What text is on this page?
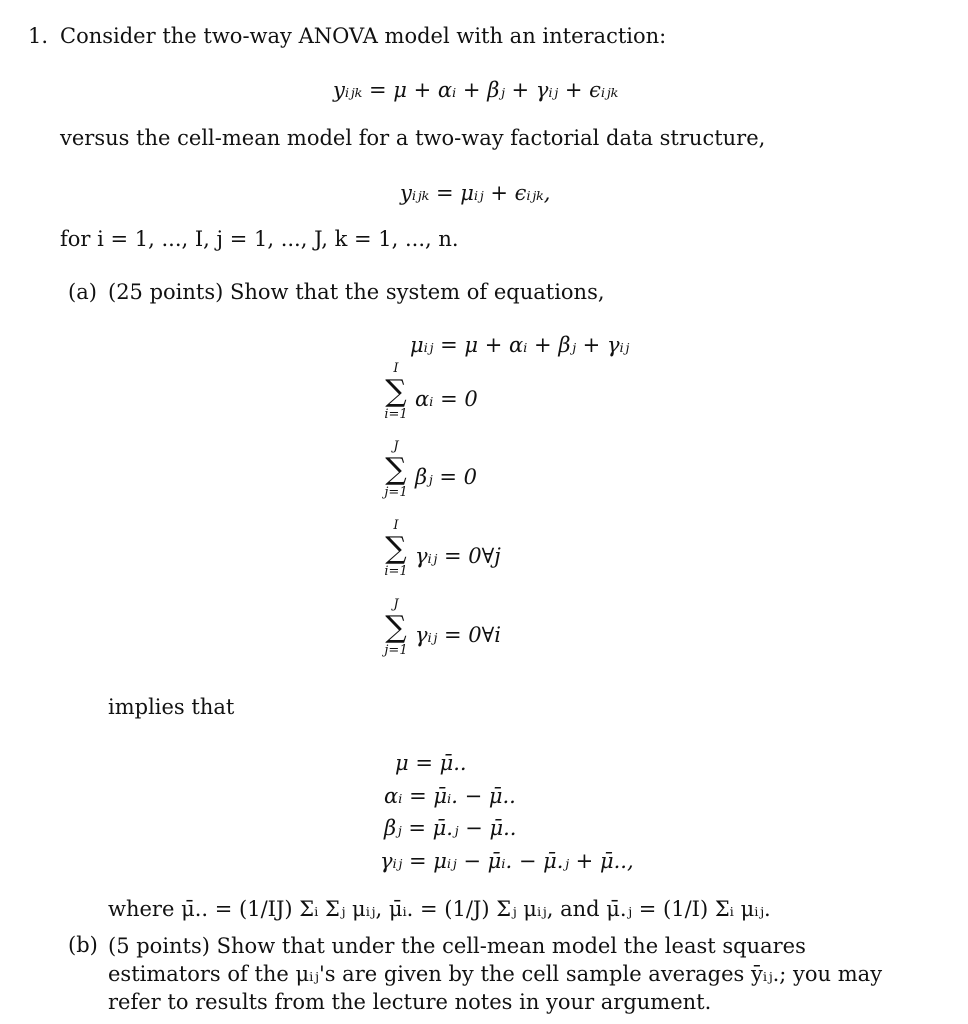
1. Consider the two-way ANOVA model with an interaction:
yᵢⱼₖ = μ + αᵢ + βⱼ + γᵢⱼ + ϵᵢⱼₖ
versus the cell-mean model for a two-way factorial data structure,
yᵢⱼₖ = μᵢⱼ + ϵᵢⱼₖ,
for i = 1, ..., I, j = 1, ..., J, k = 1, ..., n.
(a) (25 points) Show that the system of equations,
μᵢⱼ = μ + αᵢ + βⱼ + γᵢⱼ
I
∑
i=1
αᵢ = 0
J
∑
j=1
βⱼ = 0
I
∑
i=1
γᵢⱼ = 0∀j
J
∑
j=1
γᵢⱼ = 0∀i
implies that
μ = μ̄..
αᵢ = μ̄ᵢ. − μ̄..
βⱼ = μ̄.ⱼ − μ̄..
γᵢⱼ = μᵢⱼ − μ̄ᵢ. − μ̄.ⱼ + μ̄..,
where μ̄.. = (1/IJ) Σᵢ Σⱼ μᵢⱼ, μ̄ᵢ. = (1/J) Σⱼ μᵢⱼ, and μ̄.ⱼ = (1/I) Σᵢ μᵢⱼ.
(b) (5 points) Show that under the cell-mean model the least squares estimators of the μᵢⱼ's are given by the cell sample averages ȳᵢⱼ.; you may refer to results from the lecture notes in your argument.
